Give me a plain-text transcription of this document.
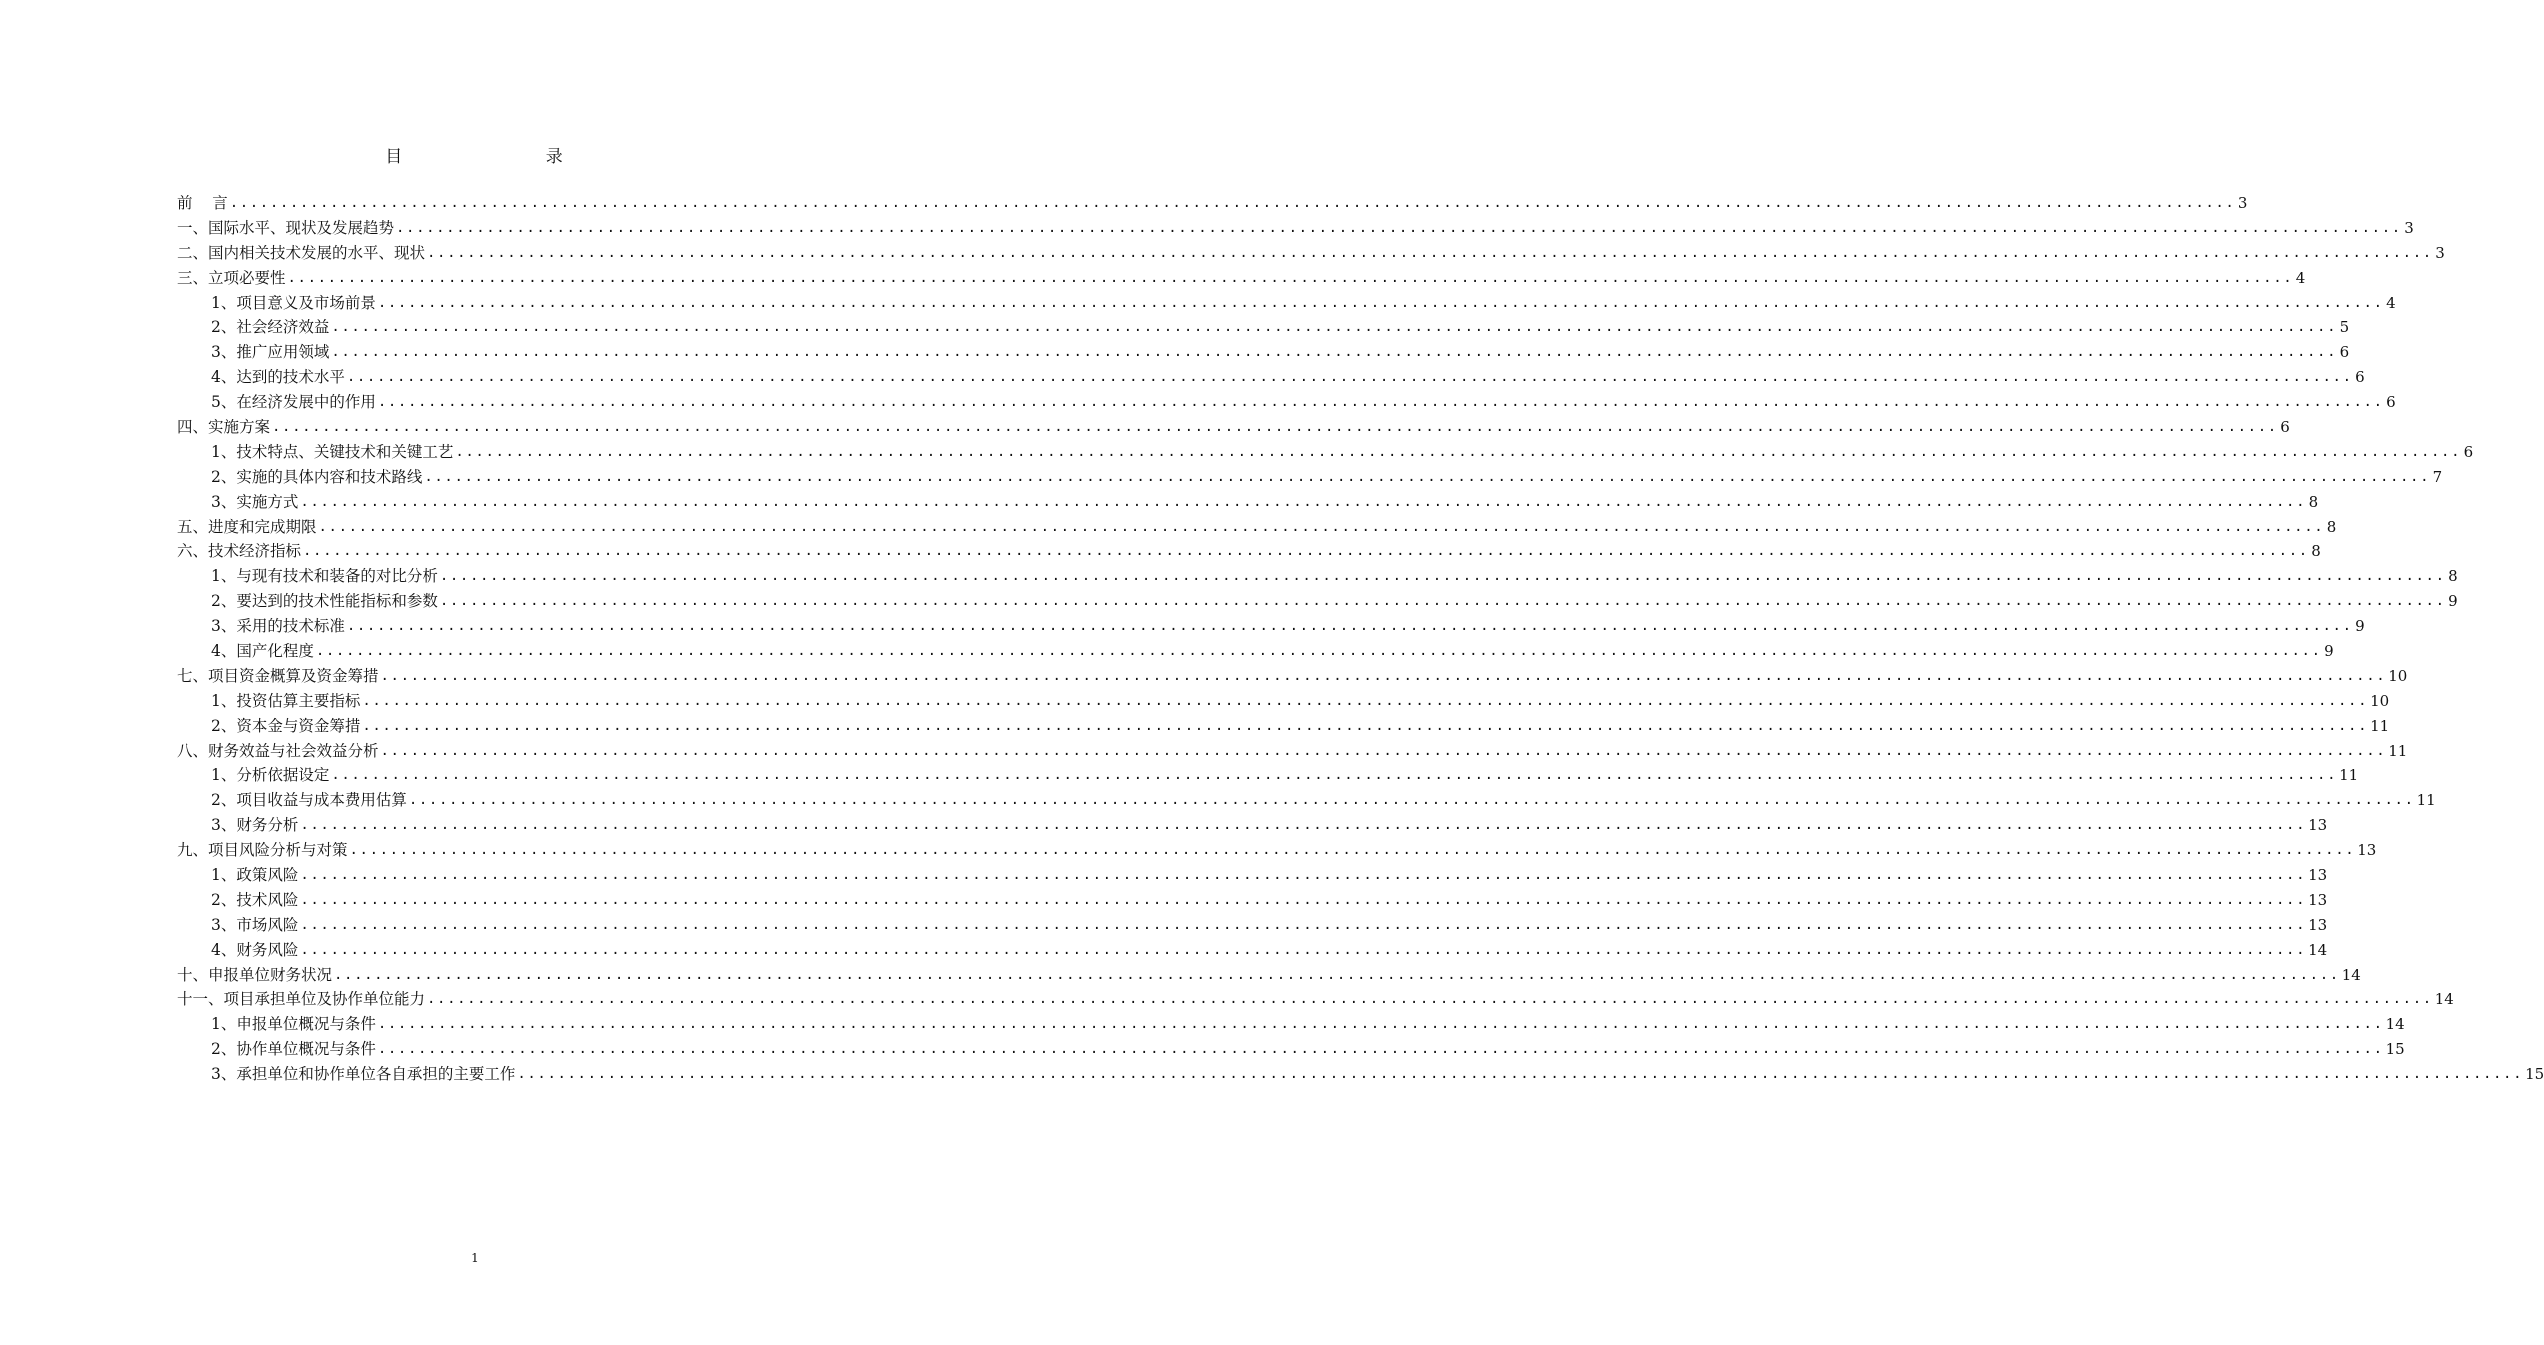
目    录
前    言 ........................................................................................................................................................................................................ 3
一、国际水平、现状及发展趋势 ........................................................................................................................................................................................................ 3
二、国内相关技术发展的水平、现状 ........................................................................................................................................................................................................ 3
三、立项必要性 ........................................................................................................................................................................................................ 4
1、项目意义及市场前景 ........................................................................................................................................................................................................ 4
2、社会经济效益 ........................................................................................................................................................................................................ 5
3、推广应用领域 ........................................................................................................................................................................................................ 6
4、达到的技术水平 ........................................................................................................................................................................................................ 6
5、在经济发展中的作用 ........................................................................................................................................................................................................ 6
四、实施方案 ........................................................................................................................................................................................................ 6
1、技术特点、关键技术和关键工艺 ........................................................................................................................................................................................................ 6
2、实施的具体内容和技术路线 ........................................................................................................................................................................................................ 7
3、实施方式 ........................................................................................................................................................................................................ 8
五、进度和完成期限 ........................................................................................................................................................................................................ 8
六、技术经济指标 ........................................................................................................................................................................................................ 8
1、与现有技术和装备的对比分析 ........................................................................................................................................................................................................ 8
2、要达到的技术性能指标和参数 ........................................................................................................................................................................................................ 9
3、采用的技术标准 ........................................................................................................................................................................................................ 9
4、国产化程度 ........................................................................................................................................................................................................ 9
七、项目资金概算及资金筹措 ........................................................................................................................................................................................................ 10
1、投资估算主要指标 ........................................................................................................................................................................................................ 10
2、资本金与资金筹措 ........................................................................................................................................................................................................ 11
八、财务效益与社会效益分析 ........................................................................................................................................................................................................ 11
1、分析依据设定 ........................................................................................................................................................................................................ 11
2、项目收益与成本费用估算 ........................................................................................................................................................................................................ 11
3、财务分析 ........................................................................................................................................................................................................ 13
九、项目风险分析与对策 ........................................................................................................................................................................................................ 13
1、政策风险 ........................................................................................................................................................................................................ 13
2、技术风险 ........................................................................................................................................................................................................ 13
3、市场风险 ........................................................................................................................................................................................................ 13
4、财务风险 ........................................................................................................................................................................................................ 14
十、申报单位财务状况 ........................................................................................................................................................................................................ 14
十一、项目承担单位及协作单位能力 ........................................................................................................................................................................................................ 14
1、申报单位概况与条件 ........................................................................................................................................................................................................ 14
2、协作单位概况与条件 ........................................................................................................................................................................................................ 15
3、承担单位和协作单位各自承担的主要工作 ........................................................................................................................................................................................................ 15
1
